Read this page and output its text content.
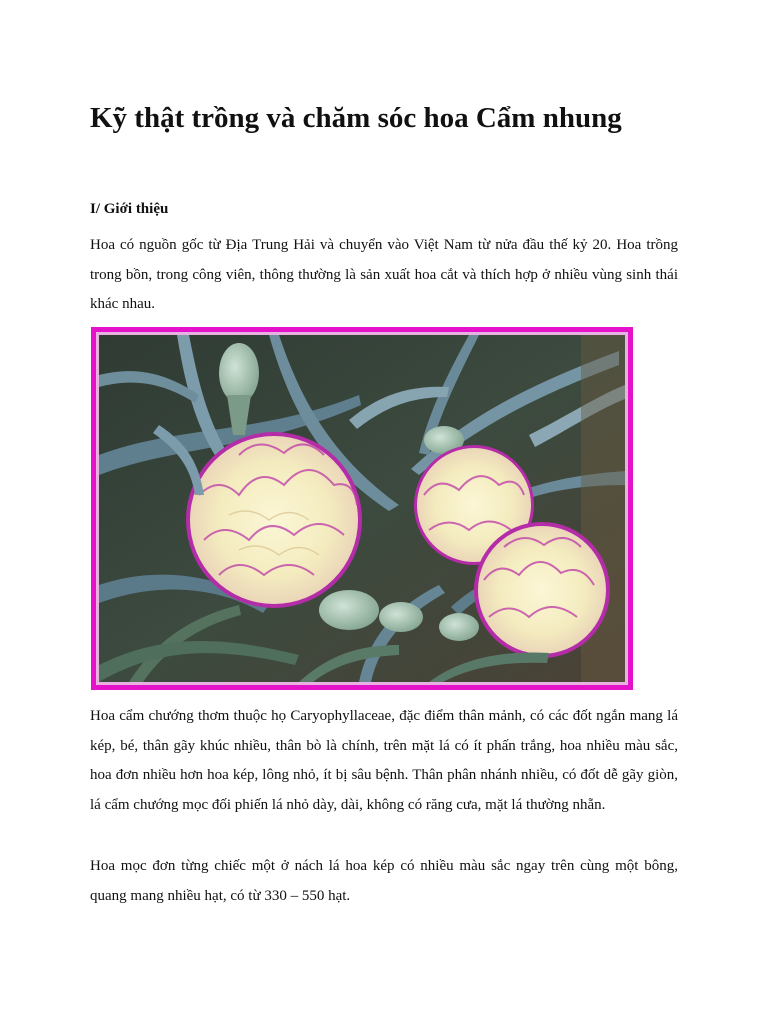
Kỹ thật trồng và chăm sóc hoa Cẩm nhung
I/ Giới thiệu

Hoa có nguồn gốc từ Địa Trung Hải và chuyển vào Việt Nam từ nửa đầu thế kỷ 20. Hoa trồng trong bồn, trong công viên, thông thường là sản xuất hoa cắt và thích hợp ở nhiều vùng sinh thái khác nhau.

Hoa cẩm chướng thơm thuộc họ Caryophyllaceae, đặc điểm thân mảnh, có các đốt ngắn mang lá kép, bé, thân gãy khúc nhiều, thân bò là chính, trên mặt lá có ít phấn trắng, hoa nhiều màu sắc, hoa đơn nhiều hơn hoa kép, lông nhỏ, ít bị sâu bệnh. Thân phân nhánh nhiều, có đốt dễ gãy giòn, lá cẩm chướng mọc đối phiến lá nhỏ dày, dài, không có răng cưa, mặt lá thường nhẵn.

Hoa mọc đơn từng chiếc một ở nách lá hoa kép có nhiều màu sắc ngay trên cùng một bông, quang mang nhiều hạt, có từ 330 – 550 hạt.
